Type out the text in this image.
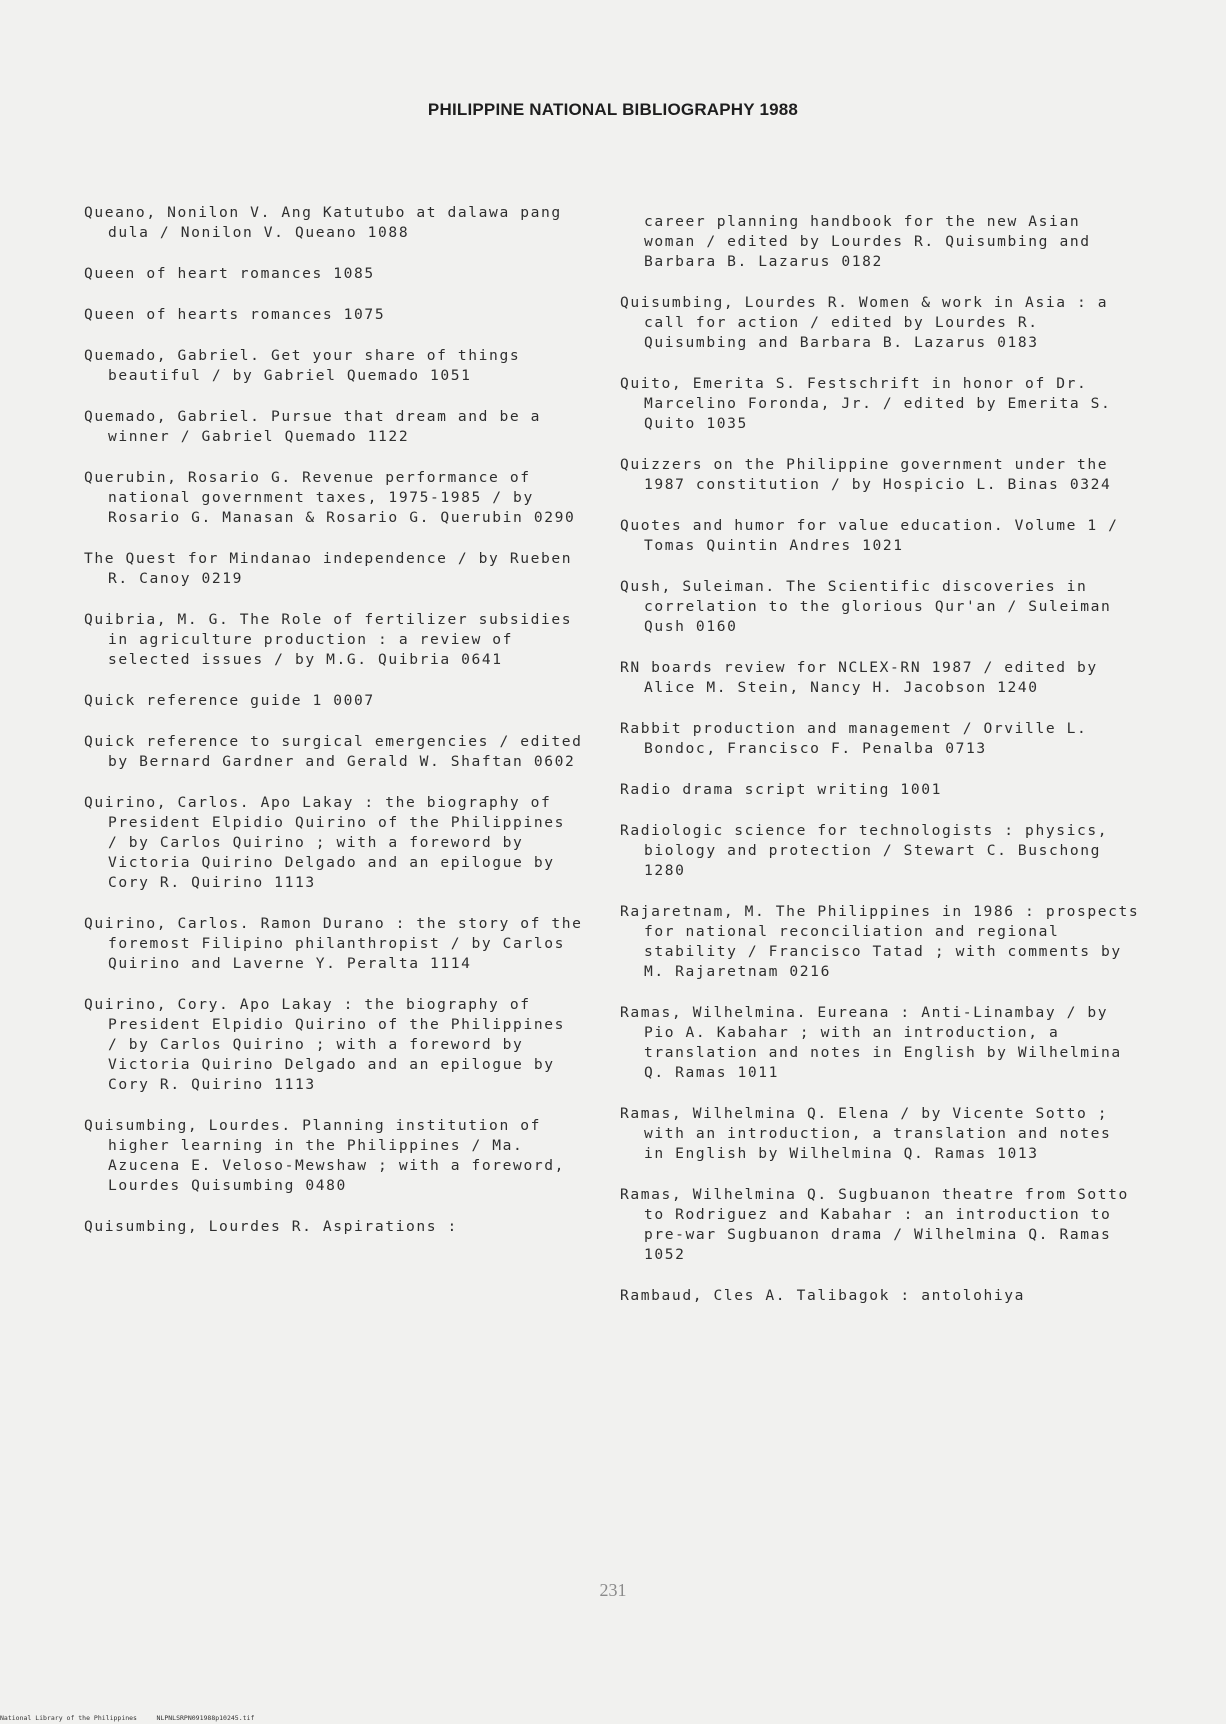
PHILIPPINE NATIONAL BIBLIOGRAPHY 1988
Queano, Nonilon V. Ang Katutubo at dalawa pang dula / Nonilon V. Queano 1088
Queen of heart romances 1085
Queen of hearts romances 1075
Quemado, Gabriel. Get your share of things beautiful / by Gabriel Quemado 1051
Quemado, Gabriel. Pursue that dream and be a winner / Gabriel Quemado 1122
Querubin, Rosario G. Revenue performance of national government taxes, 1975-1985 / by Rosario G. Manasan & Rosario G. Querubin 0290
The Quest for Mindanao independence / by Rueben R. Canoy 0219
Quibria, M. G. The Role of fertilizer subsidies in agriculture production : a review of selected issues / by M.G. Quibria 0641
Quick reference guide 1 0007
Quick reference to surgical emergencies / edited by Bernard Gardner and Gerald W. Shaftan 0602
Quirino, Carlos. Apo Lakay : the biography of President Elpidio Quirino of the Philippines / by Carlos Quirino ; with a foreword by Victoria Quirino Delgado and an epilogue by Cory R. Quirino 1113
Quirino, Carlos. Ramon Durano : the story of the foremost Filipino philanthropist / by Carlos Quirino and Laverne Y. Peralta 1114
Quirino, Cory. Apo Lakay : the biography of President Elpidio Quirino of the Philippines / by Carlos Quirino ; with a foreword by Victoria Quirino Delgado and an epilogue by Cory R. Quirino 1113
Quisumbing, Lourdes. Planning institution of higher learning in the Philippines / Ma. Azucena E. Veloso-Mewshaw ; with a foreword, Lourdes Quisumbing 0480
Quisumbing, Lourdes R. Aspirations :
career planning handbook for the new Asian woman / edited by Lourdes R. Quisumbing and Barbara B. Lazarus 0182
Quisumbing, Lourdes R. Women & work in Asia : a call for action / edited by Lourdes R. Quisumbing and Barbara B. Lazarus 0183
Quito, Emerita S. Festschrift in honor of Dr. Marcelino Foronda, Jr. / edited by Emerita S. Quito 1035
Quizzers on the Philippine government under the 1987 constitution / by Hospicio L. Binas 0324
Quotes and humor for value education. Volume 1 / Tomas Quintin Andres 1021
Qush, Suleiman. The Scientific discoveries in correlation to the glorious Qur'an / Suleiman Qush 0160
RN boards review for NCLEX-RN 1987 / edited by Alice M. Stein, Nancy H. Jacobson 1240
Rabbit production and management / Orville L. Bondoc, Francisco F. Penalba 0713
Radio drama script writing 1001
Radiologic science for technologists : physics, biology and protection / Stewart C. Buschong 1280
Rajaretnam, M. The Philippines in 1986 : prospects for national reconciliation and regional stability / Francisco Tatad ; with comments by M. Rajaretnam 0216
Ramas, Wilhelmina. Eureana : Anti-Linambay / by Pio A. Kabahar ; with an introduction, a translation and notes in English by Wilhelmina Q. Ramas 1011
Ramas, Wilhelmina Q. Elena / by Vicente Sotto ; with an introduction, a translation and notes in English by Wilhelmina Q. Ramas 1013
Ramas, Wilhelmina Q. Sugbuanon theatre from Sotto to Rodriguez and Kabahar : an introduction to pre-war Sugbuanon drama / Wilhelmina Q. Ramas 1052
Rambaud, Cles A. Talibagok : antolohiya
231
National Library of the Philippines     NLPNLSRPN091988p10245.tif
